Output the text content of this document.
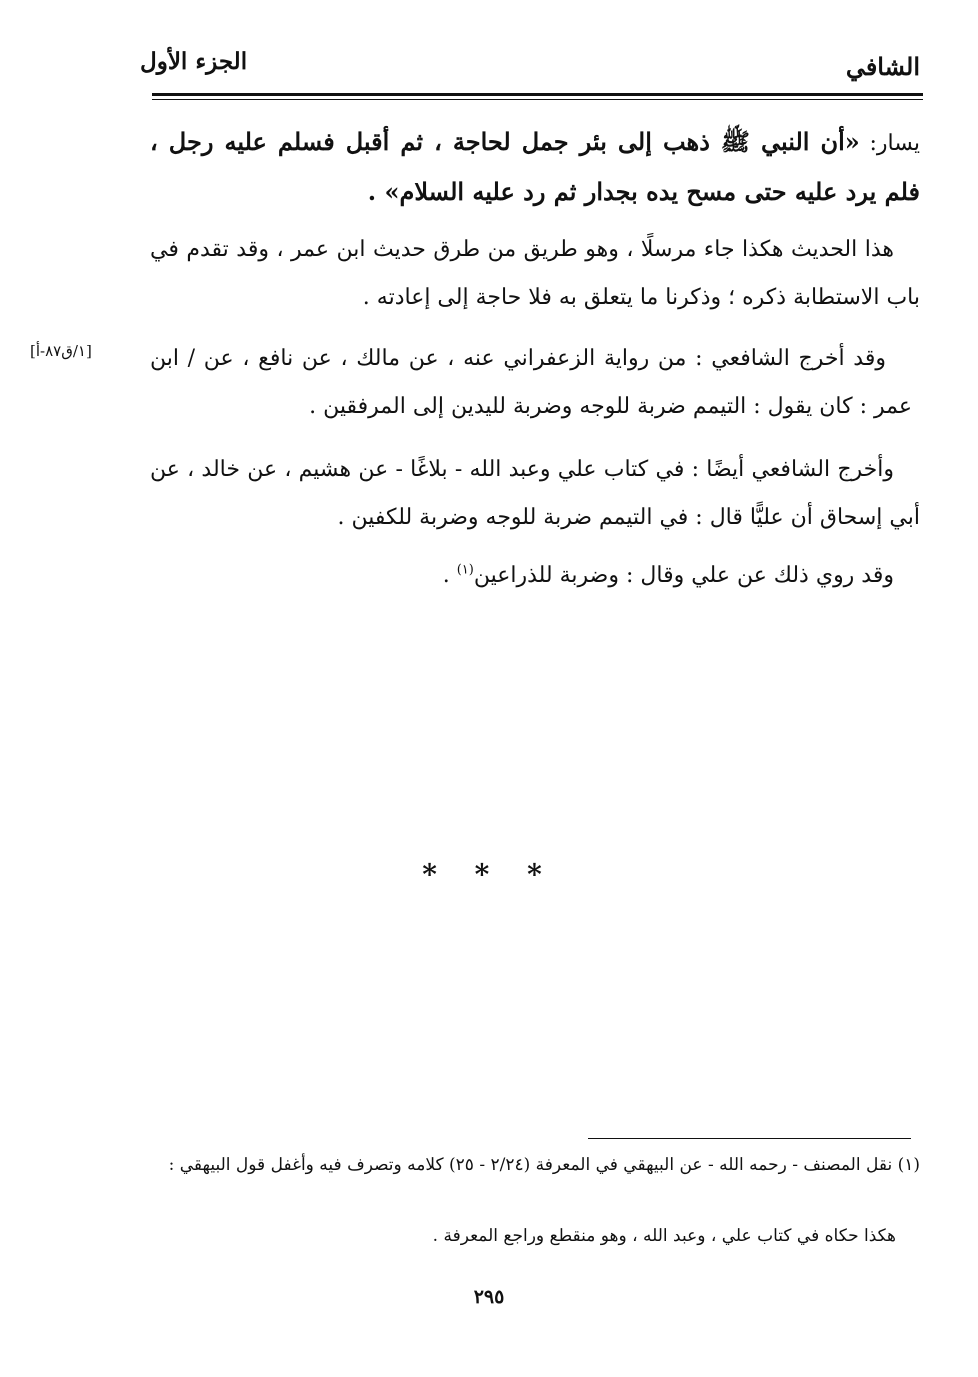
الشافي
الجزء الأول
يسار: «أن النبي ﷺ ذهب إلى بئر جمل لحاجة ، ثم أقبل فسلم عليه رجل ، فلم يرد عليه حتى مسح يده بجدار ثم رد عليه السلام» .
هذا الحديث هكذا جاء مرسلًا ، وهو طريق من طرق حديث ابن عمر ، وقد تقدم في باب الاستطابة ذكره ؛ وذكرنا ما يتعلق به فلا حاجة إلى إعادته .
[١/ق٨٧-أ]	وقد أخرج الشافعي : من رواية الزعفراني عنه ، عن مالك ، عن نافع ، عن / ابن عمر : كان يقول : التيمم ضربة للوجه وضربة لليدين إلى المرفقين .
وأخرج الشافعي أيضًا : في كتاب علي وعبد الله - بلاغًا - عن هشيم ، عن خالد ، عن أبي إسحاق أن عليًّا قال : في التيمم ضربة للوجه وضربة للكفين .
وقد روي ذلك عن علي وقال : وضربة للذراعين$^{(١)}$ .
* * *
(١) نقل المصنف - رحمه الله - عن البيهقي في المعرفة (٢/٢٤ - ٢٥) كلامه وتصرف فيه وأغفل قول البيهقي :
هكذا حكاه في كتاب علي ، وعبد الله ، وهو منقطع وراجع المعرفة .
٢٩٥
